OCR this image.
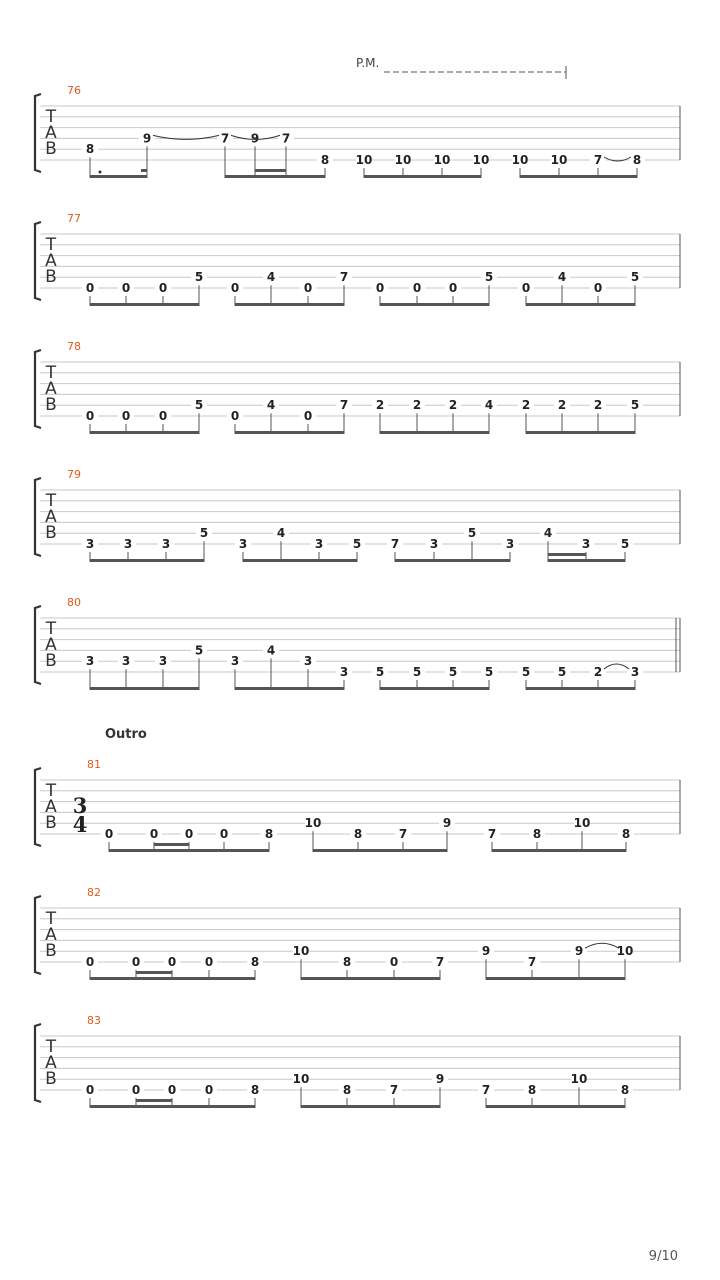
T
A
B
76
8
9	7 9 7
8 10 10 10 10 10 10 7	8
T
A
B
77
0 0 0
5
0
4
0
7
0 0 0
5
0
4
0
5
T
A
B
78
0 0 0
5
0
4
0
7 2 2 2 4 2 2 2 5
T
A
B
79
3 3 3
5
3
4
3 5 7	3
5
3
4
3	5
T
A
B
80
3 3 3
5
3
4
3
3 5 5 5 5 5 5 2 3
T
A
B
81
3
4 0	0 0 0	8
10
8	7
9
7	8
10
8
T
A
B
82
0	0 0 0	8
10
8	0	7
9
7
9	10
T
A
B
83
0	0 0 0	8
10
8	7
9
7	8
10
8
P.M.
Outro
9/10
